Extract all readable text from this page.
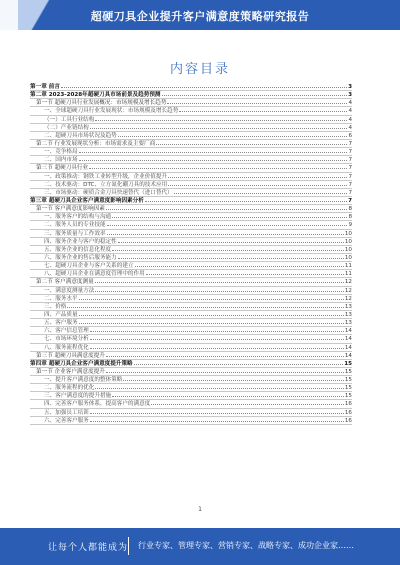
超硬刀具企业提升客户满意度策略研究报告
内容目录
第一章 前言	3
第二章 2023-2028年超硬刀具市场前景及趋势预测	3
第一节 超硬刀具行业发展概况：市场规模及增长趋势	4
一、全球超硬刀具行业发展现状：市场规模及增长趋势	4
（一）工具行业结构	4
（二）产业链结构	4
二、超硬刀具市场状况及趋势	6
第二节 行业发展现状分析：市场需求及主要厂商	7
一、竞争格局	7
二、国内市场	7
第三节 超硬刀具行业	7
一、政策推动：钢铁工业转型升级，企业价值提升	7
二、技术驱动：DTC、立方氮化硼刀具的技术应用	7
三、市场驱动：硬质合金刀具快速替代（进口替代）	7
第三章 超硬刀具企业客户满意度影响因素分析	7
第一节 客户满意度影响因素	8
一、服务客户的结构与沟通	8
二、服务人员的专业技能	9
三、服务质量与工作效率	10
四、服务企业与客户的稳定性	10
五、服务企业的信息化程度	10
六、服务企业的售后服务能力	10
七、超硬刀具企业与客户关系的建立	11
八、超硬刀具企业在满意度管理中的作用	11
第二节 客户满意度测量	12
一、满意度测量方法	12
二、服务水平	12
三、价格	13
四、产品质量	13
五、客户服务	13
六、客户信息管理	14
七、市场环境分析	14
八、服务流程优化	14
第三节 超硬刀具满意度提升	14
第四章 超硬刀具企业客户满意度提升策略	15
第一节 企业客户满意度提升	15
一、提升客户满意度的整体策略	15
二、服务流程的优化	15
三、客户满意度的提升措施	15
四、完善客户服务体系，提高客户的满意度	16
五、加强员工培训	16
六、完善客户服务	16
1
让每个人都能成为 行业专家、管理专家、营销专家、战略专家、成功企业家……
